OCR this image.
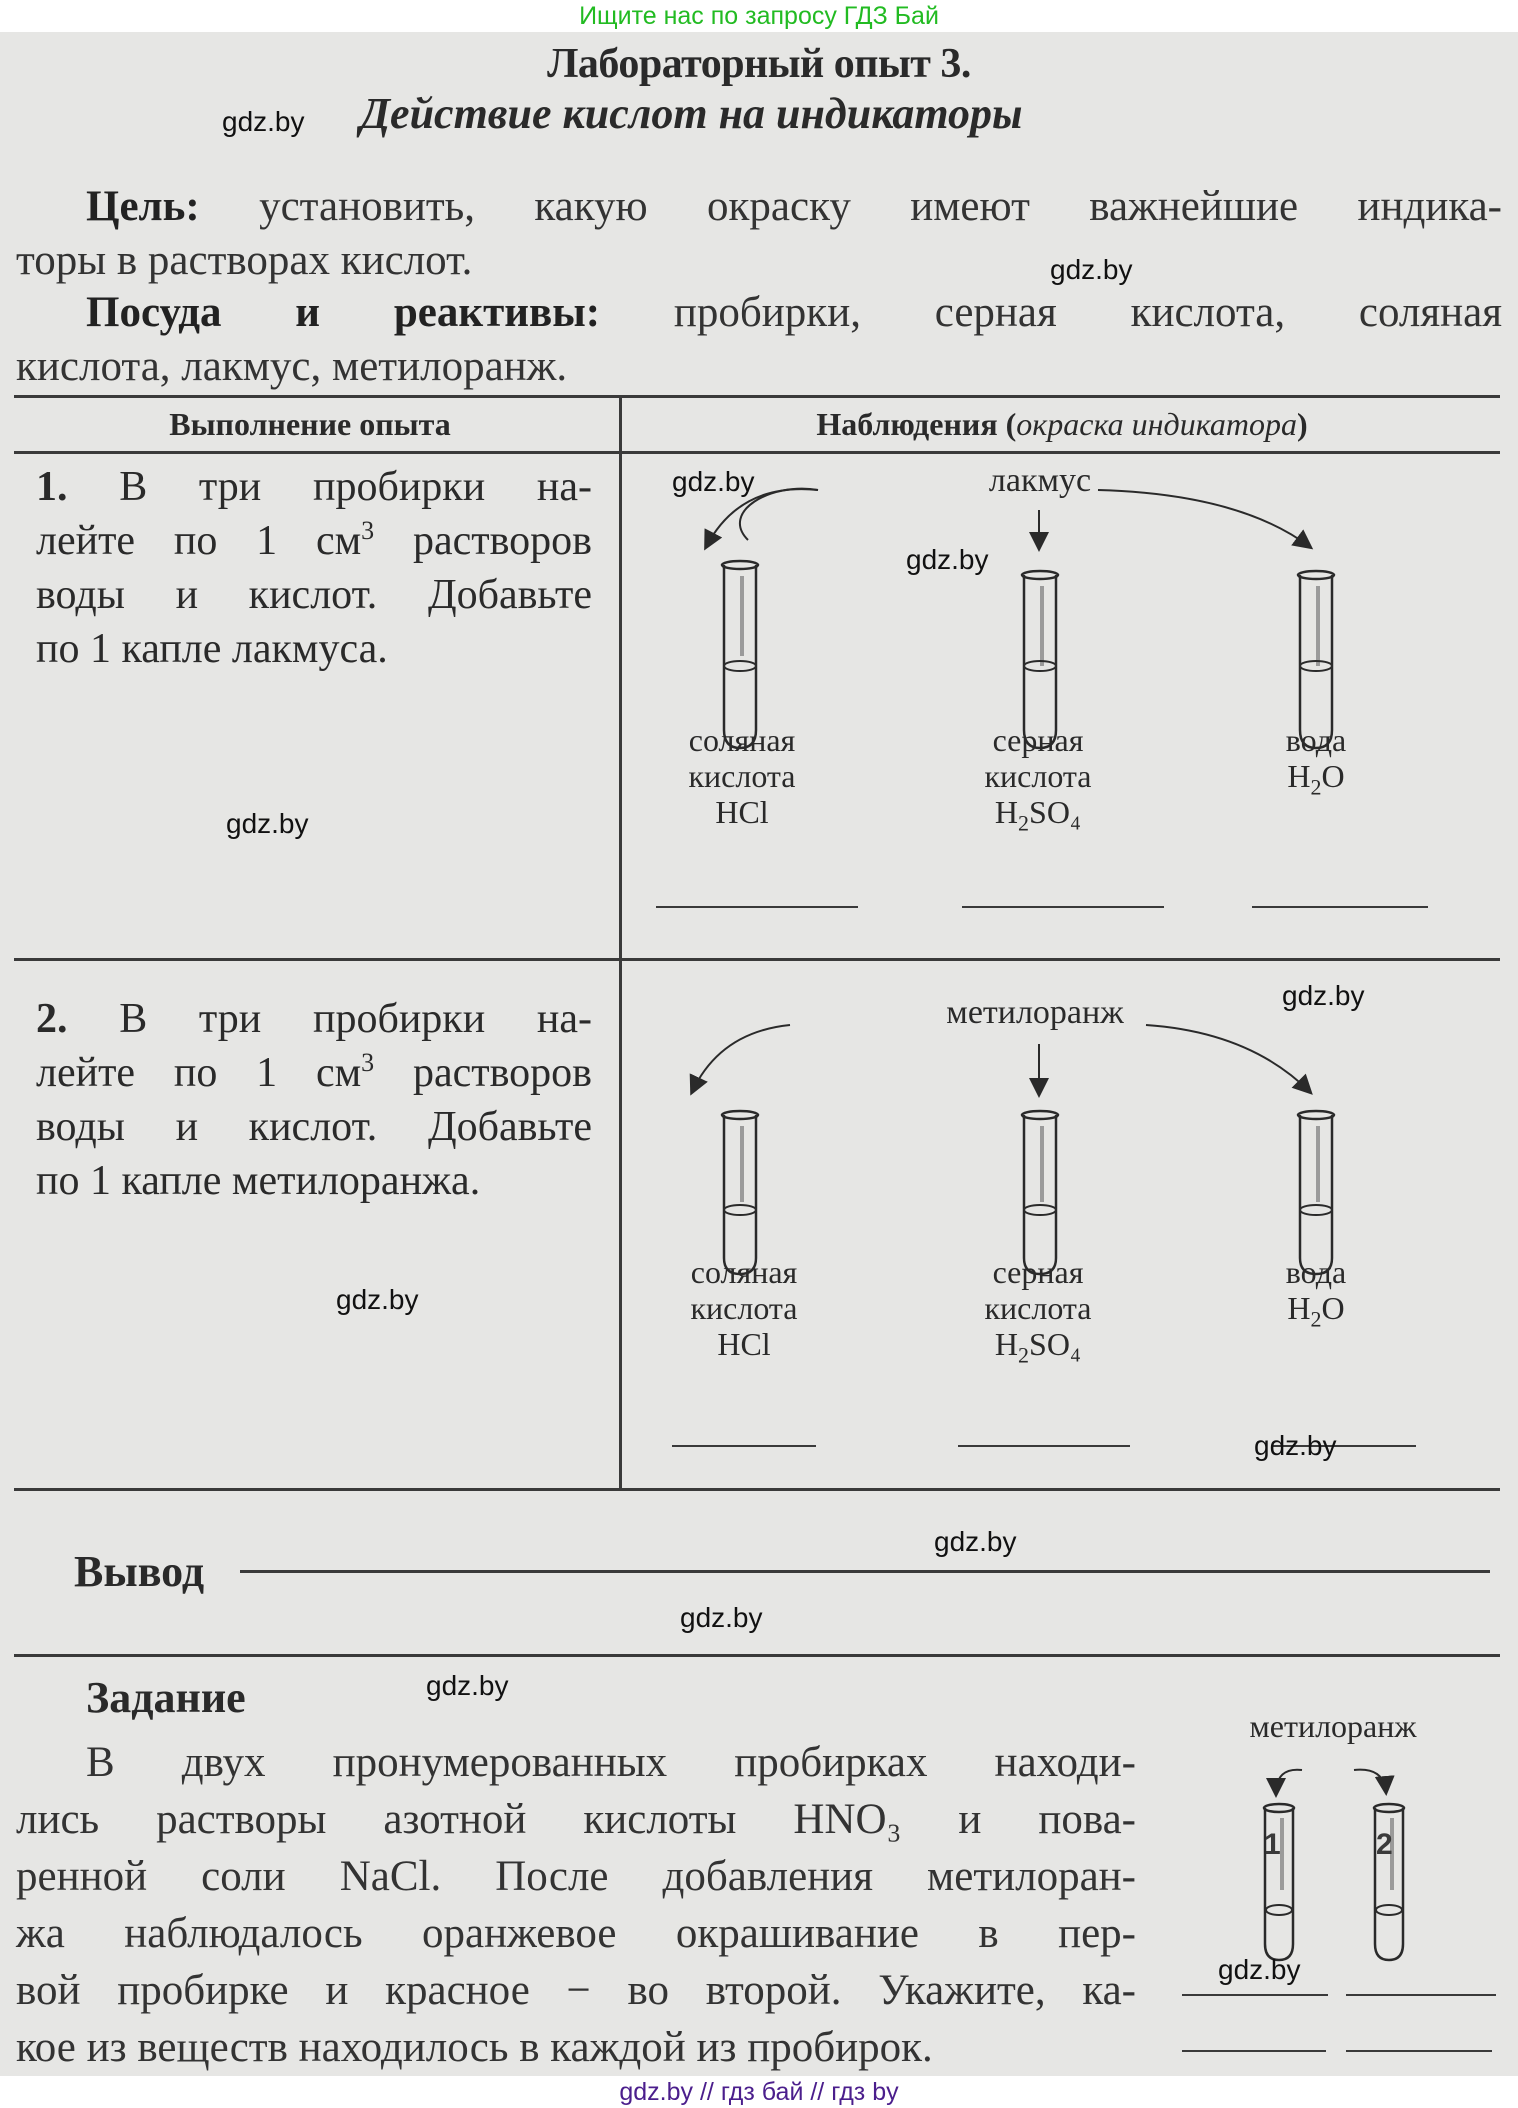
Ищите нас по запросу ГДЗ Бай
Лабораторный опыт 3.
Действие кислот на индикаторы
gdz.by
Цель: установить, какую окраску имеют важнейшие индика-
торы в растворах кислот.	gdz.by
Посуда и реактивы: пробирки, серная кислота, соляная
кислота, лакмус, метилоранж.
Выполнение опыта	Наблюдения (окраска индикатора)
1. В три пробирки на-
лейте по 1 $см^3$ растворов
воды и кислот. Добавьте
по 1 капле лакмуса.
gdz.by
gdz.by	лакмус
gdz.by
соляная
кислота
HCl
серная
кислота
$H_2SO_4$
вода
$H_2O$
2. В три пробирки на-
лейте по 1 $см^3$ растворов
воды и кислот. Добавьте
по 1 капле метилоранжа.
gdz.by
метилоранж	gdz.by
соляная
кислота
HCl
серная
кислота
$H_2SO_4$
вода
$H_2O$
gdz.by
Вывод
gdz.by
gdz.by
Задание	gdz.by
В двух пронумерованных пробирках находи-
лись растворы азотной кислоты HNO₃ и пова-
ренной соли NaCl. После добавления метилоран-
жа наблюдалось оранжевое окрашивание в пер-
вой пробирке и красное − во второй. Укажите, ка-
кое из веществ находилось в каждой из пробирок.
метилоранж
1	2
gdz.by
gdz.by // гдз бай // гдз by
